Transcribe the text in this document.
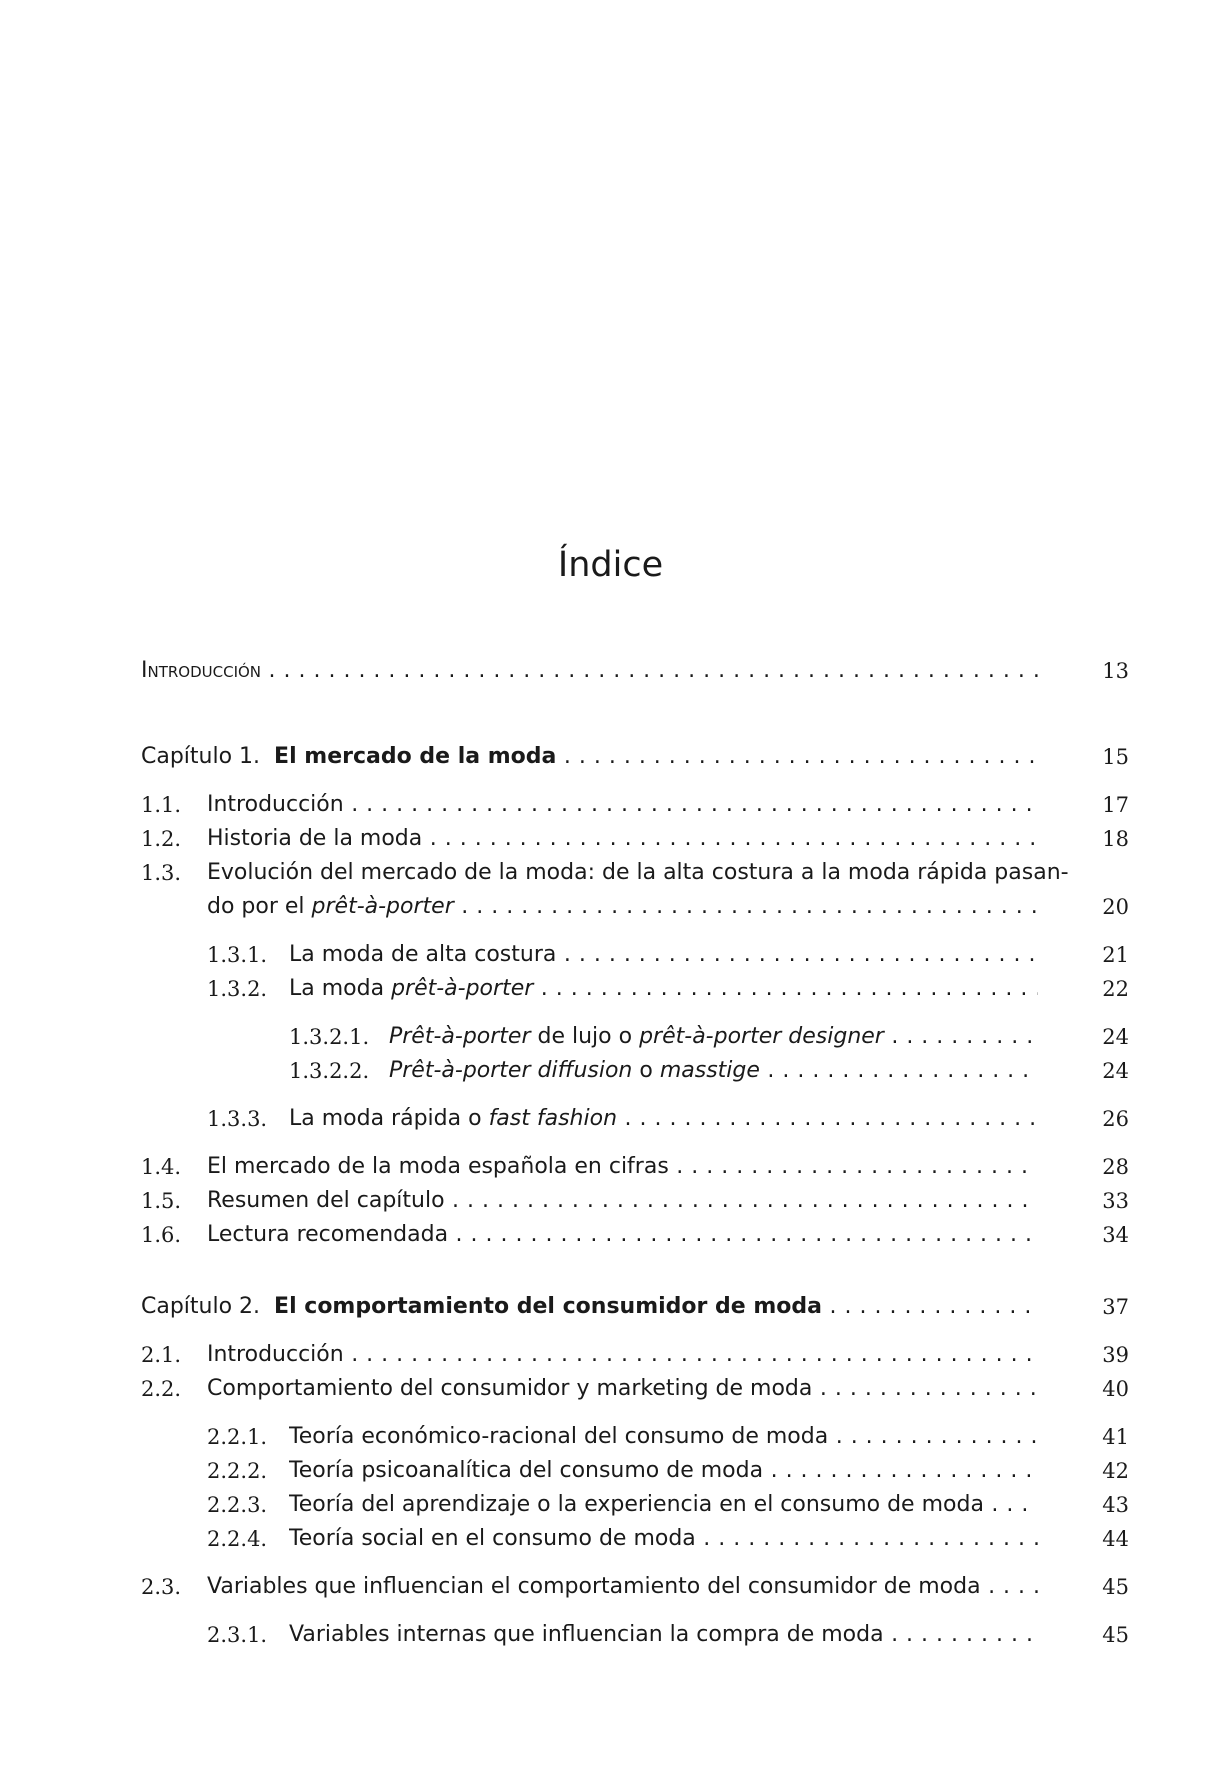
Índice
Introducción . . .	13
Capítulo 1. El mercado de la moda . . .	15
1.1. Introducción . . .	17
1.2. Historia de la moda . . .	18
1.3. Evolución del mercado de la moda: de la alta costura a la moda rápida pasan-
do por el prêt-à-porter . . .	20
1.3.1. La moda de alta costura . . .	21
1.3.2. La moda prêt-à-porter . . .	22
1.3.2.1. Prêt-à-porter de lujo o prêt-à-porter designer . . .	24
1.3.2.2. Prêt-à-porter diffusion o masstige . . .	24
1.3.3. La moda rápida o fast fashion . . .	26
1.4. El mercado de la moda española en cifras . . .	28
1.5. Resumen del capítulo . . .	33
1.6. Lectura recomendada . . .	34
Capítulo 2. El comportamiento del consumidor de moda . . .	37
2.1. Introducción . . .	39
2.2. Comportamiento del consumidor y marketing de moda . . .	40
2.2.1. Teoría económico-racional del consumo de moda . . .	41
2.2.2. Teoría psicoanalítica del consumo de moda . . .	42
2.2.3. Teoría del aprendizaje o la experiencia en el consumo de moda . . .	43
2.2.4. Teoría social en el consumo de moda . . .	44
2.3. Variables que influencian el comportamiento del consumidor de moda . . .	45
2.3.1. Variables internas que influencian la compra de moda . . .	45
